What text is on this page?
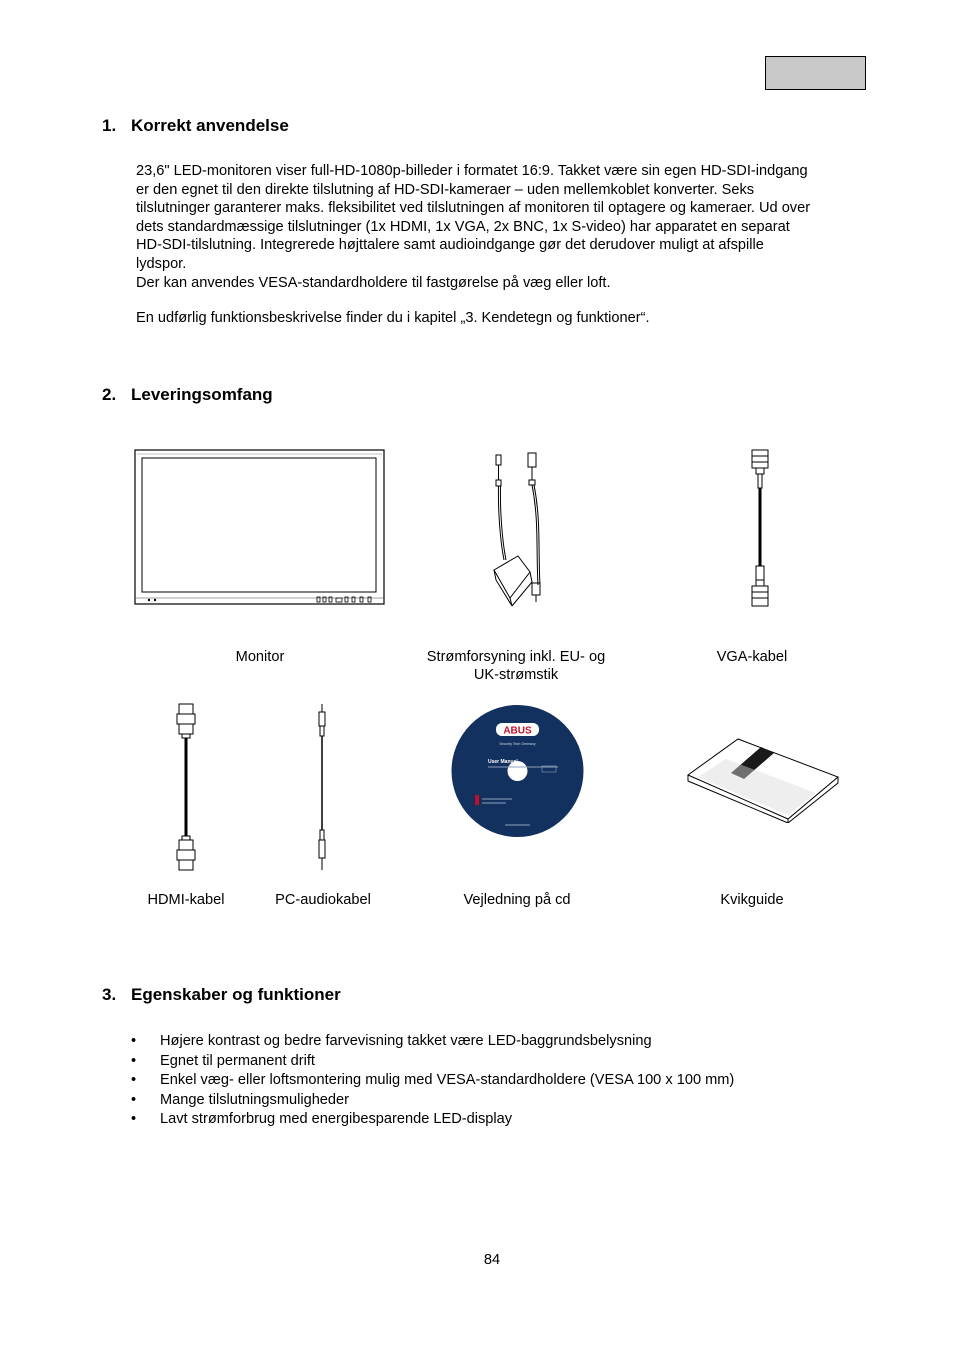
1. Korrekt anvendelse

23,6" LED-monitoren viser full-HD-1080p-billeder i formatet 16:9. Takket være sin egen HD-SDI-indgang

er den egnet til den direkte tilslutning af HD-SDI-kameraer – uden mellemkoblet konverter. Seks

tilslutninger garanterer maks. fleksibilitet ved tilslutningen af monitoren til optagere og kameraer. Ud over

dets standardmæssige tilslutninger (1x HDMI, 1x VGA, 2x BNC, 1x S-video) har apparatet en separat

HD-SDI-tilslutning. Integrerede højttalere samt audioindgange gør det derudover muligt at afspille

lydspor.

Der kan anvendes VESA-standardholdere til fastgørelse på væg eller loft.

En udførlig funktionsbeskrivelse finder du i kapitel „3. Kendetegn og funktioner“.

2. Leveringsomfang
Monitor	Strømforsyning inkl. EU- og
UK-strømstik
VGA-kabel
ABUS
Security Tech Germany
User Manual
HDMI-kabel	PC-audiokabel	Vejledning på cd	Kvikguide
3. Egenskaber og funktioner
• Højere kontrast og bedre farvevisning takket være LED-baggrundsbelysning
• Egnet til permanent drift
• Enkel væg- eller loftsmontering mulig med VESA-standardholdere (VESA 100 x 100 mm)
• Mange tilslutningsmuligheder
• Lavt strømforbrug med energibesparende LED-display
84
